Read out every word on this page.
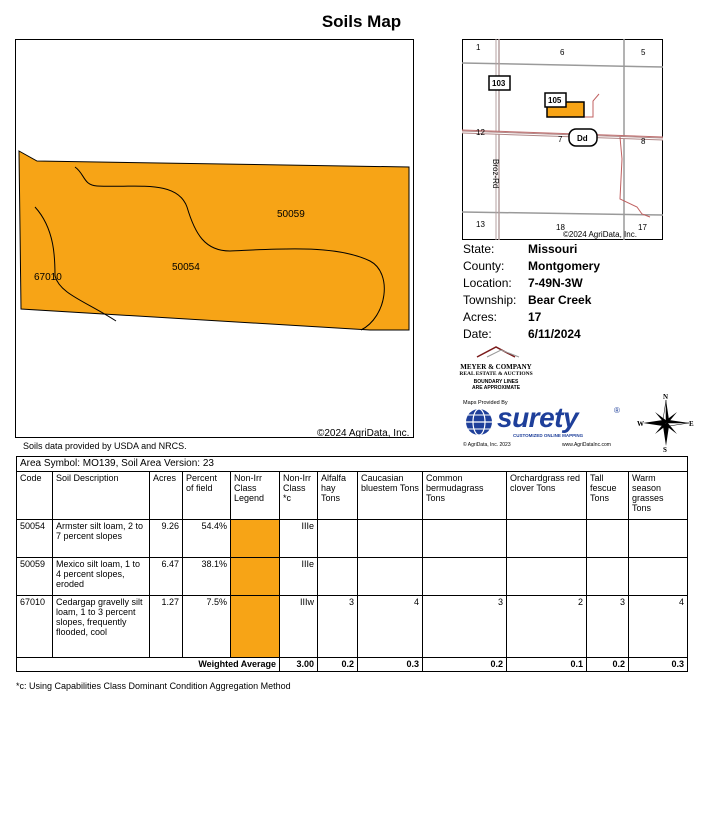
Soils Map
50059
50054
67010
©2024 AgriData, Inc.
1
6	5
12
7	8
13	18	17
103
105
Dd
Broz-Rd
©2024 AgriData, Inc.
State:	Missouri
County:	Montgomery
Location:	7-49N-3W
Township: Bear Creek
Acres:	17
Date:	6/11/2024
MEYER & COMPANY
REAL ESTATE & AUCTIONS
BOUNDARY LINES
ARE APPROXIMATE
Maps Provided By
surety	®
CUSTOMIZED ONLINE MAPPING
© AgriData, Inc. 2023	www.AgriDataInc.com
N
S
W	E
Soils data provided by USDA and NRCS.
Area Symbol: MO139, Soil Area Version: 23											
Code	Soil Description	Acres	Percent of field	Non-Irr Class Legend	Non-Irr Class *c	Alfalfa hay Tons	Caucasian bluestem Tons	Common bermudagrass Tons	Orchardgrass red clover Tons	Tall fescue Tons	Warm season grasses Tons
50054	Armster silt loam, 2 to 7 percent slopes	9.26	54.4%		IIIe						
50059	Mexico silt loam, 1 to 4 percent slopes, eroded	6.47	38.1%		IIIe						
67010	Cedargap gravelly silt loam, 1 to 3 percent slopes, frequently flooded, cool	1.27	7.5%		IIIw	3	4	3	2	3	4
Weighted Average					3.00	0.2	0.3	0.2	0.1	0.2	0.3
*c: Using Capabilities Class Dominant Condition Aggregation Method
